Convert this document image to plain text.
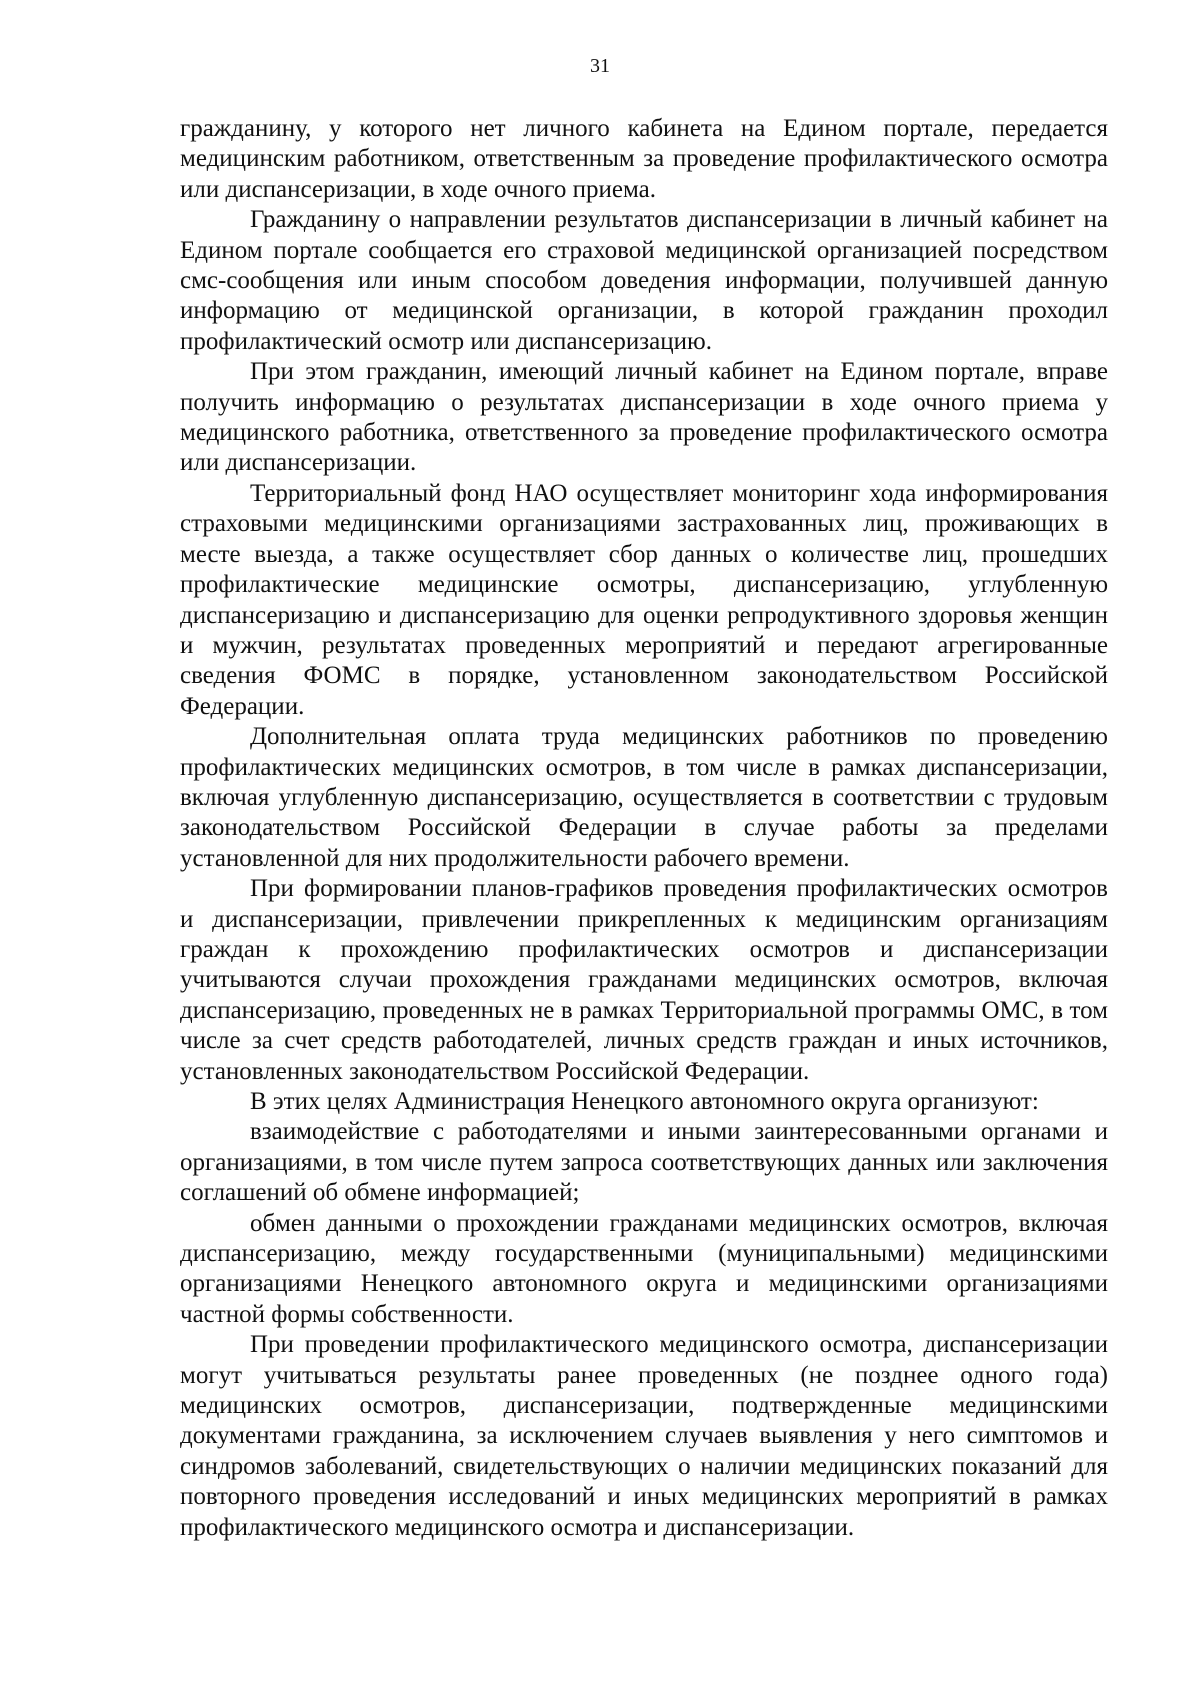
31

гражданину, у которого нет личного кабинета на Едином портале, передается медицинским работником, ответственным за проведение профилактического осмотра или диспансеризации, в ходе очного приема.

Гражданину о направлении результатов диспансеризации в личный кабинет на Едином портале сообщается его страховой медицинской организацией посредством смс-сообщения или иным способом доведения информации, получившей данную информацию от медицинской организации, в которой гражданин проходил профилактический осмотр или диспансеризацию.

При этом гражданин, имеющий личный кабинет на Едином портале, вправе получить информацию о результатах диспансеризации в ходе очного приема у медицинского работника, ответственного за проведение профилактического осмотра или диспансеризации.

Территориальный фонд НАО осуществляет мониторинг хода информирования страховыми медицинскими организациями застрахованных лиц, проживающих в месте выезда, а также осуществляет сбор данных о количестве лиц, прошедших профилактические медицинские осмотры, диспансеризацию, углубленную диспансеризацию и диспансеризацию для оценки репродуктивного здоровья женщин и мужчин, результатах проведенных мероприятий и передают агрегированные сведения ФОМС в порядке, установленном законодательством Российской Федерации.

Дополнительная оплата труда медицинских работников по проведению профилактических медицинских осмотров, в том числе в рамках диспансеризации, включая углубленную диспансеризацию, осуществляется в соответствии с трудовым законодательством Российской Федерации в случае работы за пределами установленной для них продолжительности рабочего времени.

При формировании планов-графиков проведения профилактических осмотров и диспансеризации, привлечении прикрепленных к медицинским организациям граждан к прохождению профилактических осмотров и диспансеризации учитываются случаи прохождения гражданами медицинских осмотров, включая диспансеризацию, проведенных не в рамках Территориальной программы ОМС, в том числе за счет средств работодателей, личных средств граждан и иных источников, установленных законодательством Российской Федерации.

В этих целях Администрация Ненецкого автономного округа организуют:

взаимодействие с работодателями и иными заинтересованными органами и организациями, в том числе путем запроса соответствующих данных или заключения соглашений об обмене информацией;

обмен данными о прохождении гражданами медицинских осмотров, включая диспансеризацию, между государственными (муниципальными) медицинскими организациями Ненецкого автономного округа и медицинскими организациями частной формы собственности.

При проведении профилактического медицинского осмотра, диспансеризации могут учитываться результаты ранее проведенных (не позднее одного года) медицинских осмотров, диспансеризации, подтвержденные медицинскими документами гражданина, за исключением случаев выявления у него симптомов и синдромов заболеваний, свидетельствующих о наличии медицинских показаний для повторного проведения исследований и иных медицинских мероприятий в рамках профилактического медицинского осмотра и диспансеризации.
